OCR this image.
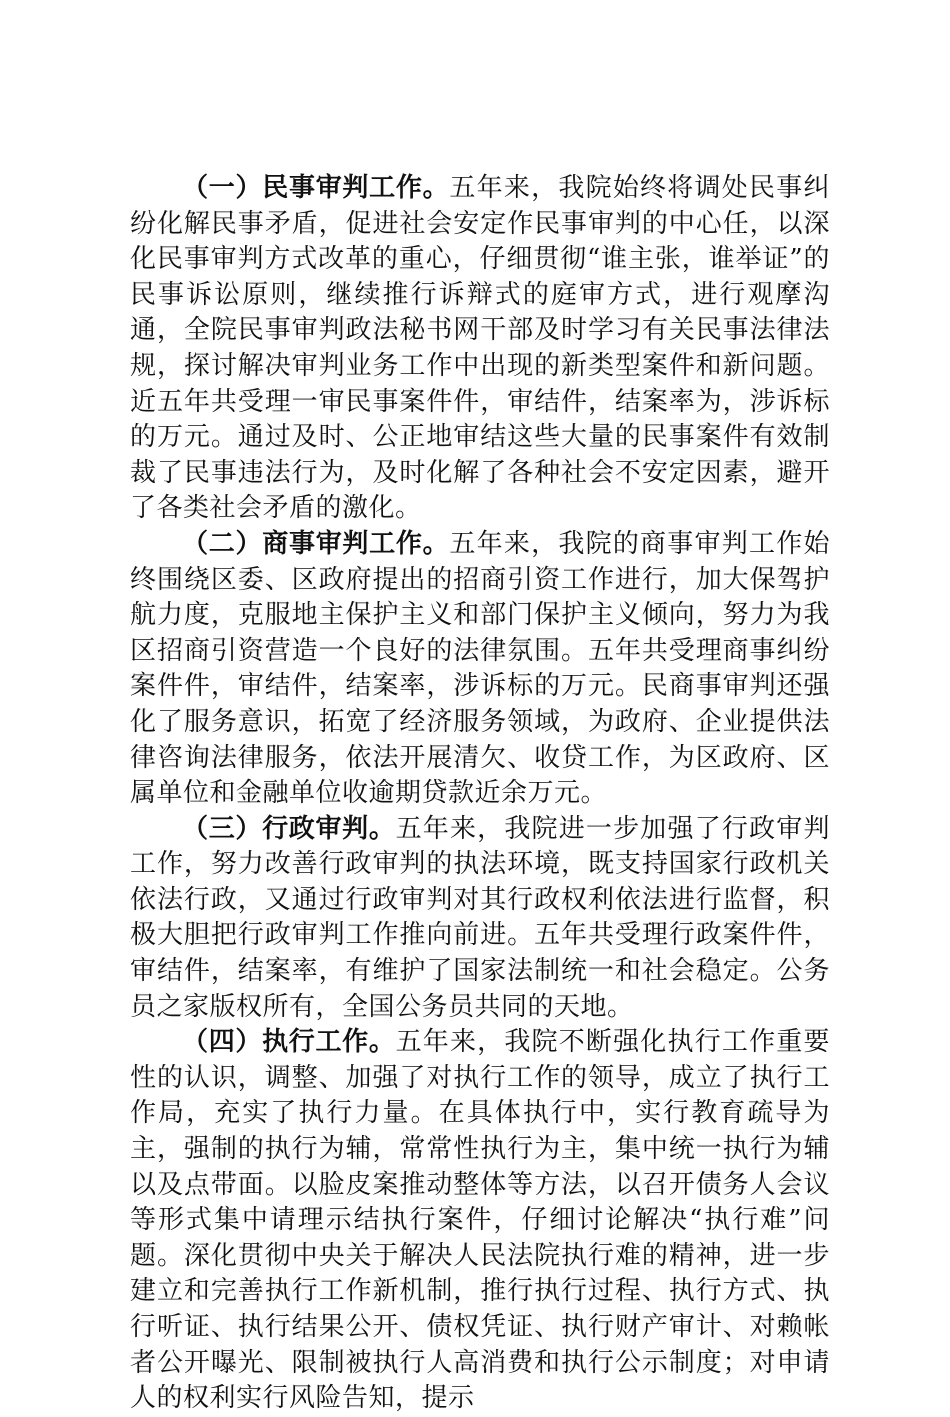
（一）民事审判工作。五年来，我院始终将调处民事纠纷化解民事矛盾，促进社会安定作民事审判的中心任，以深化民事审判方式改革的重心，仔细贯彻“谁主张，谁举证”的民事诉讼原则，继续推行诉辩式的庭审方式，进行观摩沟通，全院民事审判政法秘书网干部及时学习有关民事法律法规，探讨解决审判业务工作中出现的新类型案件和新问题。近五年共受理一审民事案件件，审结件，结案率为，涉诉标的万元。通过及时、公正地审结这些大量的民事案件有效制裁了民事违法行为，及时化解了各种社会不安定因素，避开了各类社会矛盾的激化。

（二）商事审判工作。五年来，我院的商事审判工作始终围绕区委、区政府提出的招商引资工作进行，加大保驾护航力度，克服地主保护主义和部门保护主义倾向，努力为我区招商引资营造一个良好的法律氛围。五年共受理商事纠纷案件件，审结件，结案率，涉诉标的万元。民商事审判还强化了服务意识，拓宽了经济服务领域，为政府、企业提供法律咨询法律服务，依法开展清欠、收贷工作，为区政府、区属单位和金融单位收逾期贷款近余万元。

（三）行政审判。五年来，我院进一步加强了行政审判工作，努力改善行政审判的执法环境，既支持国家行政机关依法行政，又通过行政审判对其行政权利依法进行监督，积极大胆把行政审判工作推向前进。五年共受理行政案件件，审结件，结案率，有维护了国家法制统一和社会稳定。公务员之家版权所有，全国公务员共同的天地。

（四）执行工作。五年来，我院不断强化执行工作重要性的认识，调整、加强了对执行工作的领导，成立了执行工作局，充实了执行力量。在具体执行中，实行教育疏导为主，强制的执行为辅，常常性执行为主，集中统一执行为辅以及点带面。以脸皮案推动整体等方法，以召开债务人会议等形式集中请理示结执行案件，仔细讨论解决“执行难”问题。深化贯彻中央关于解决人民法院执行难的精神，进一步建立和完善执行工作新机制，推行执行过程、执行方式、执行听证、执行结果公开、债权凭证、执行财产审计、对赖帐者公开曝光、限制被执行人高消费和执行公示制度；对申请人的权利实行风险告知，提示
